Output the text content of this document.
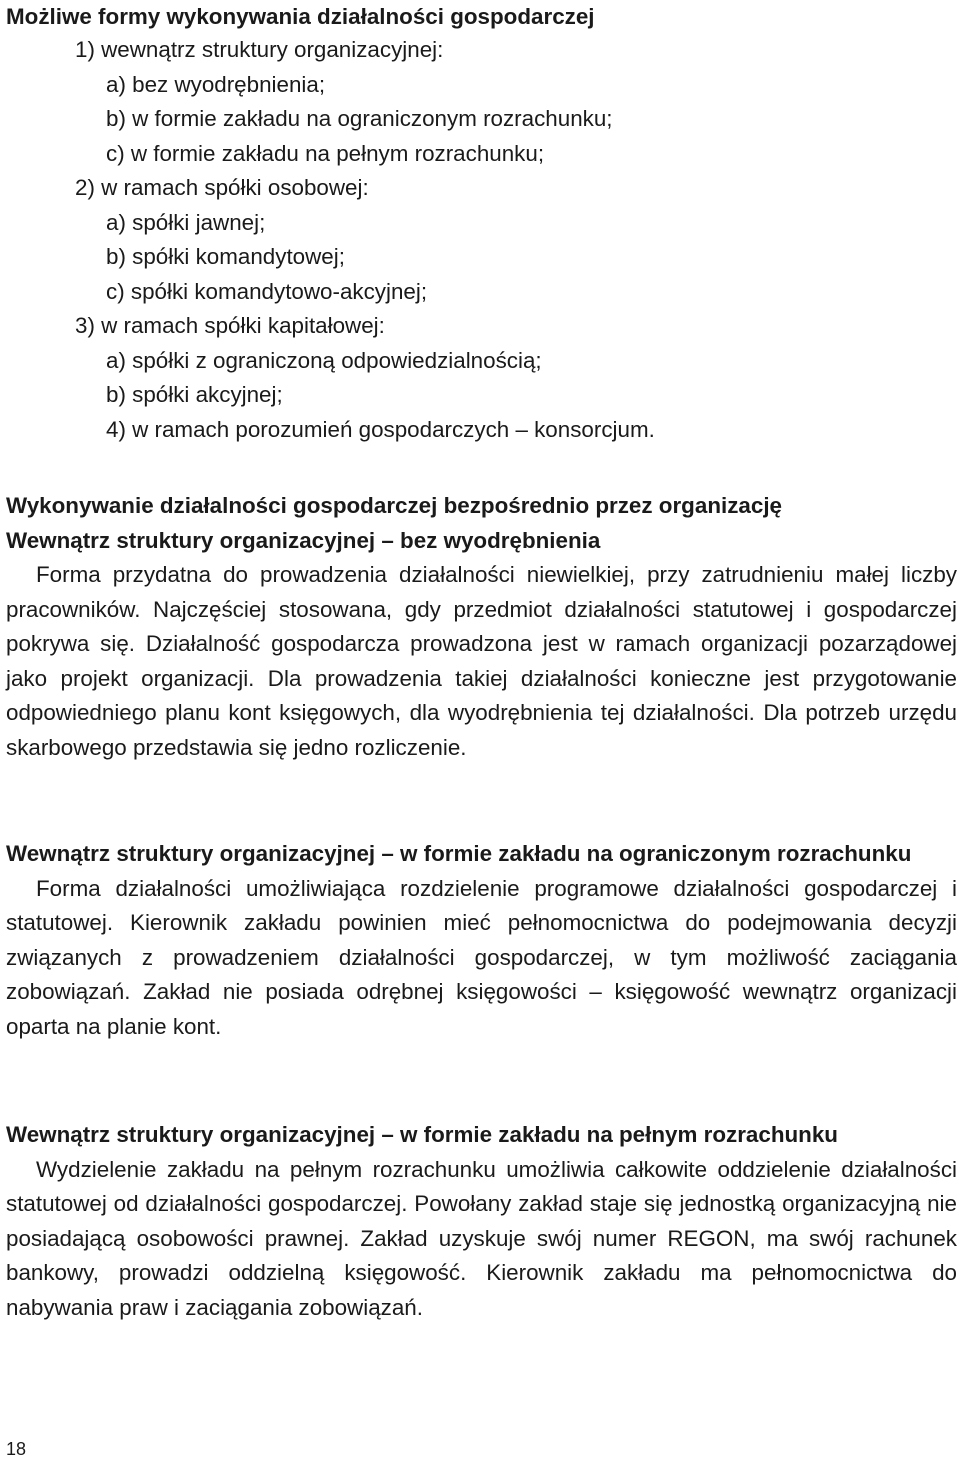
Możliwe formy wykonywania działalności gospodarczej
1) wewnątrz struktury organizacyjnej:
a) bez wyodrębnienia;
b) w formie zakładu na ograniczonym rozrachunku;
c) w formie zakładu na pełnym rozrachunku;
2) w ramach spółki osobowej:
a) spółki jawnej;
b) spółki komandytowej;
c) spółki komandytowo-akcyjnej;
3) w ramach spółki kapitałowej:
a) spółki z ograniczoną odpowiedzialnością;
b) spółki akcyjnej;
4) w ramach porozumień gospodarczych – konsorcjum.

Wykonywanie działalności gospodarczej bezpośrednio przez organizację

Wewnątrz struktury organizacyjnej – bez wyodrębnienia

Forma przydatna do prowadzenia działalności niewielkiej, przy zatrudnieniu małej liczby pracowników. Najczęściej stosowana, gdy przedmiot działalności statutowej i gospodarczej pokrywa się. Działalność gospodarcza prowadzona jest w ramach organizacji pozarządowej jako projekt organizacji. Dla prowadzenia takiej działalności konieczne jest przygotowanie odpowiedniego planu kont księgowych, dla wyodrębnienia tej działalności. Dla potrzeb urzędu skarbowego przedstawia się jedno rozliczenie.

Wewnątrz struktury organizacyjnej – w formie zakładu na ograniczonym rozrachunku

Forma działalności umożliwiająca rozdzielenie programowe działalności gospodarczej i statutowej. Kierownik zakładu powinien mieć pełnomocnictwa do podejmowania decyzji związanych z prowadzeniem działalności gospodarczej, w tym możliwość zaciągania zobowiązań. Zakład nie posiada odrębnej księgowości – księgowość wewnątrz organizacji oparta na planie kont.

Wewnątrz struktury organizacyjnej – w formie zakładu na pełnym rozrachunku

Wydzielenie zakładu na pełnym rozrachunku umożliwia całkowite oddzielenie działalności statutowej od działalności gospodarczej. Powołany zakład staje się jednostką organizacyjną nie posiadającą osobowości prawnej. Zakład uzyskuje swój numer REGON, ma swój rachunek bankowy, prowadzi oddzielną księgowość. Kierownik zakładu ma pełnomocnictwa do nabywania praw i zaciągania zobowiązań.

18
